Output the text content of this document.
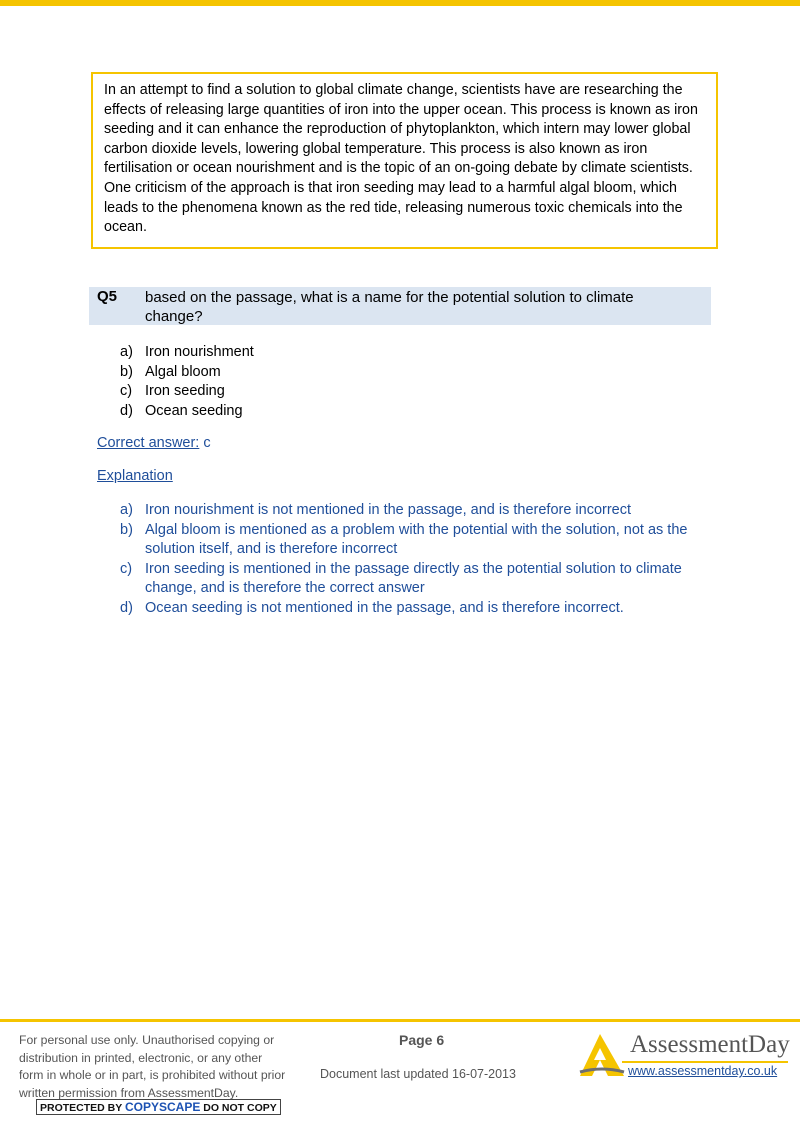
In an attempt to find a solution to global climate change, scientists have are researching the effects of releasing large quantities of iron into the upper ocean. This process is known as iron seeding and it can enhance the reproduction of phytoplankton, which intern may lower global carbon dioxide levels, lowering global temperature. This process is also known as iron fertilisation or ocean nourishment and is the topic of an on-going debate by climate scientists. One criticism of the approach is that iron seeding may lead to a harmful algal bloom, which leads to the phenomena known as the red tide, releasing numerous toxic chemicals into the ocean.
Q5 based on the passage, what is a name for the potential solution to climate change?
a) Iron nourishment
b) Algal bloom
c) Iron seeding
d) Ocean seeding
Correct answer: c
Explanation
a) Iron nourishment is not mentioned in the passage, and is therefore incorrect
b) Algal bloom is mentioned as a problem with the potential with the solution, not as the solution itself, and is therefore incorrect
c) Iron seeding is mentioned in the passage directly as the potential solution to climate change, and is therefore the correct answer
d) Ocean seeding is not mentioned in the passage, and is therefore incorrect.
For personal use only. Unauthorised copying or distribution in printed, electronic, or any other form in whole or in part, is prohibited without prior written permission from AssessmentDay.
PROTECTED BY COPYSCAPE DO NOT COPY
Page 6
Document last updated 16-07-2013
AssessmentDay
www.assessmentday.co.uk
